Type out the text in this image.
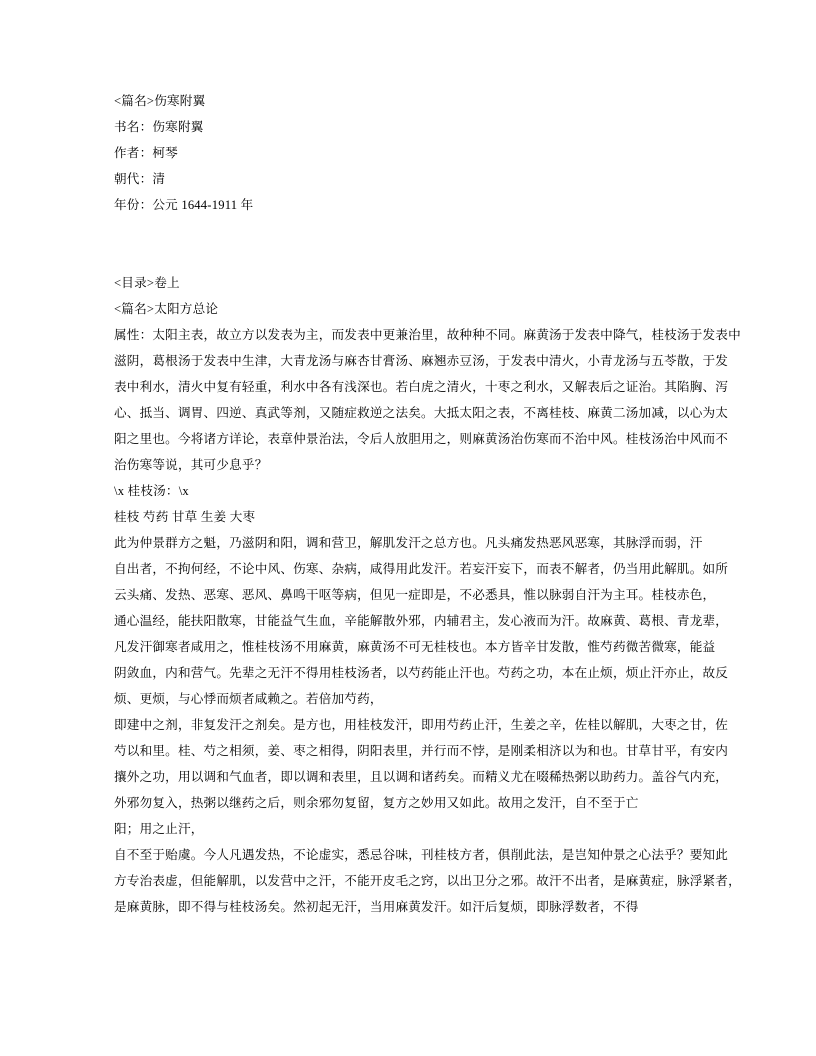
<篇名>伤寒附翼
书名：伤寒附翼
作者：柯琴
朝代：清
年份：公元 1644-1911 年
<目录>卷上
<篇名>太阳方总论
属性：太阳主表，故立方以发表为主，而发表中更兼治里，故种种不同。麻黄汤于发表中降气，桂枝汤于发表中
滋阴，葛根汤于发表中生津，大青龙汤与麻杏甘膏汤、麻翘赤豆汤，于发表中清火，小青龙汤与五苓散，于发
表中利水，清火中复有轻重，利水中各有浅深也。若白虎之清火，十枣之利水，又解表后之证治。其陷胸、泻
心、抵当、调胃、四逆、真武等剂，又随症救逆之法矣。大抵太阳之表，不离桂枝、麻黄二汤加减，以心为太
阳之里也。今将诸方详论，表章仲景治法，令后人放胆用之，则麻黄汤治伤寒而不治中风。桂枝汤治中风而不
治伤寒等说，其可少息乎？
\x 桂枝汤：\x
桂枝 芍药 甘草 生姜 大枣
此为仲景群方之魁，乃滋阴和阳，调和营卫，解肌发汗之总方也。凡头痛发热恶风恶寒，其脉浮而弱，汗
自出者，不拘何经，不论中风、伤寒、杂病，咸得用此发汗。若妄汗妄下，而表不解者，仍当用此解肌。如所
云头痛、发热、恶寒、恶风、鼻鸣干呕等病，但见一症即是，不必悉具，惟以脉弱自汗为主耳。桂枝赤色，
通心温经，能扶阳散寒，甘能益气生血，辛能解散外邪，内辅君主，发心液而为汗。故麻黄、葛根、青龙辈，
凡发汗御寒者咸用之，惟桂枝汤不用麻黄，麻黄汤不可无桂枝也。本方皆辛甘发散，惟芍药微苦微寒，能益
阴敛血，内和营气。先辈之无汗不得用桂枝汤者，以芍药能止汗也。芍药之功，本在止烦，烦止汗亦止，故反
烦、更烦，与心悸而烦者咸赖之。若倍加芍药，
即建中之剂，非复发汗之剂矣。是方也，用桂枝发汗，即用芍药止汗，生姜之辛，佐桂以解肌，大枣之甘，佐
芍以和里。桂、芍之相须，姜、枣之相得，阴阳表里，并行而不悖，是刚柔相济以为和也。甘草甘平，有安内
攘外之功，用以调和气血者，即以调和表里，且以调和诸药矣。而精义尤在啜稀热粥以助药力。盖谷气内充，
外邪勿复入，热粥以继药之后，则余邪勿复留，复方之妙用又如此。故用之发汗，自不至于亡
阳；用之止汗，
自不至于贻虞。今人凡遇发热，不论虚实，悉忌谷味，刊桂枝方者，俱削此法，是岂知仲景之心法乎？要知此
方专治表虚，但能解肌，以发营中之汗，不能开皮毛之窍，以出卫分之邪。故汗不出者，是麻黄症，脉浮紧者，
是麻黄脉，即不得与桂枝汤矣。然初起无汗，当用麻黄发汗。如汗后复烦，即脉浮数者，不得
